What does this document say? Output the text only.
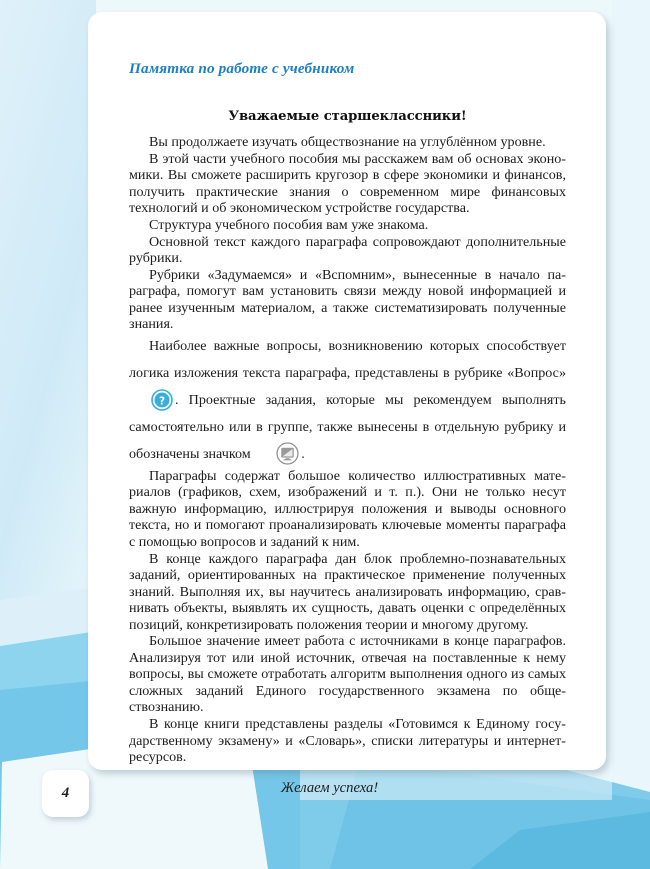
Памятка по работе с учебником
Уважаемые старшеклассники!

Вы продолжаете изучать обществознание на углублённом уровне.

В этой части учебного пособия мы расскажем вам об основах экономики. Вы сможете расширить кругозор в сфере экономики и финансов, получить практические знания о современном мире финансовых технологий и об экономическом устройстве государства.

Структура учебного пособия вам уже знакома.

Основной текст каждого параграфа сопровождают дополнительные рубрики.

Рубрики «Задумаемся» и «Вспомним», вынесенные в начало параграфа, помогут вам установить связи между новой информацией и ранее изученным материалом, а также систематизировать полученные знания.

Наиболее важные вопросы, возникновению которых способствует логика изложения текста параграфа, представлены в рубрике «Вопрос»
? . Проектные задания, которые мы рекомендуем выполнять самостоятельно или в группе, также вынесены в отдельную рубрику и обозначены значком	.

Параграфы содержат большое количество иллюстративных материалов (графиков, схем, изображений и т. п.). Они не только несут важную информацию, иллюстрируя положения и выводы основного текста, но и помогают проанализировать ключевые моменты параграфа с помощью вопросов и заданий к ним.

В конце каждого параграфа дан блок проблемно-познавательных заданий, ориентированных на практическое применение полученных знаний. Выполняя их, вы научитесь анализировать информацию, сравнивать объекты, выявлять их сущность, давать оценки с определённых позиций, конкретизировать положения теории и многому другому.

Большое значение имеет работа с источниками в конце параграфов. Анализируя тот или иной источник, отвечая на поставленные к нему вопросы, вы сможете отработать алгоритм выполнения одного из самых сложных заданий Единого государственного экзамена по обществознанию.

В конце книги представлены разделы «Готовимся к Единому государственному экзамену» и «Словарь», списки литературы и интернет-ресурсов.

Желаем успеха!

4
